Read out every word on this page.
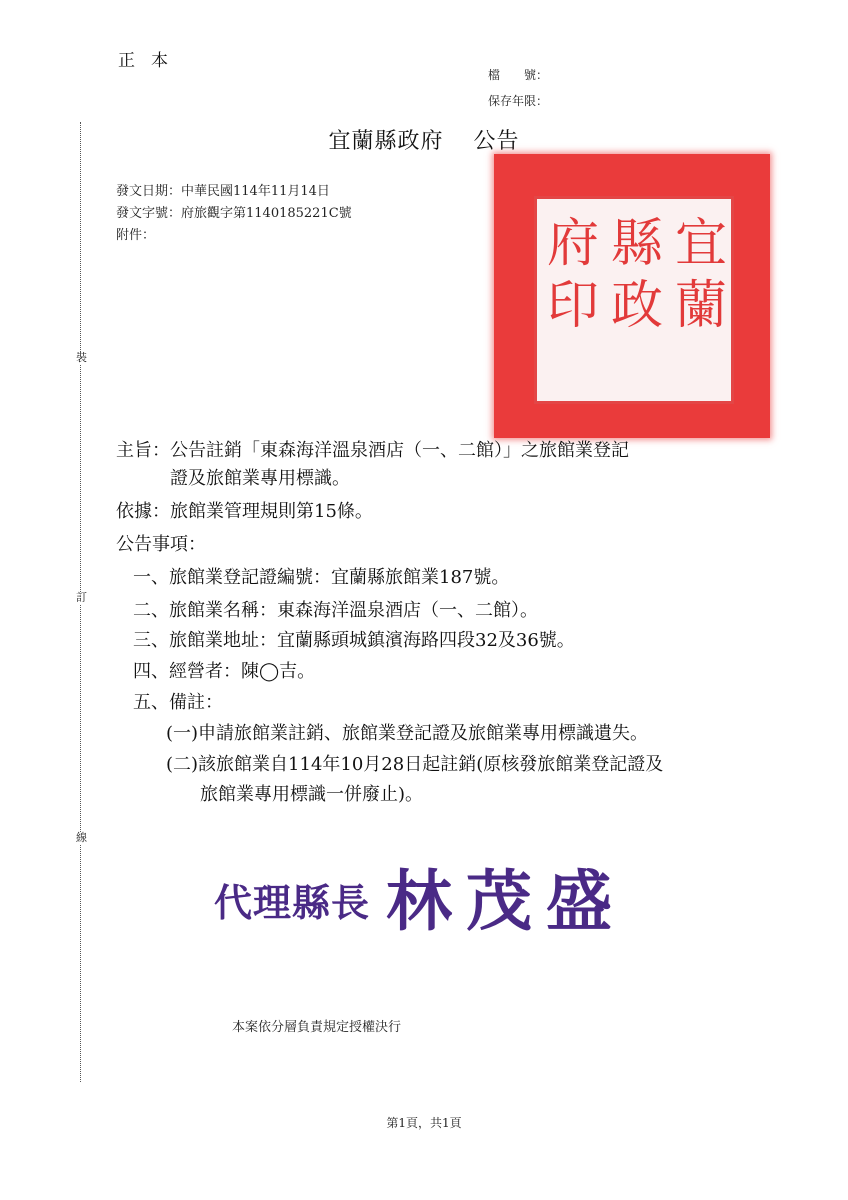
正本
檔　　號：
保存年限：
裝
訂
線
宜蘭縣政府 公告
發文日期：中華民國114年11月14日
發文字號：府旅觀字第1140185221C號
附件：	宜
蘭
縣
政
府
印
主旨：公告註銷「東森海洋溫泉酒店（一、二館）」之旅館業登記
證及旅館業專用標識。
依據：旅館業管理規則第15條。
公告事項：
一、旅館業登記證編號：宜蘭縣旅館業187號。
二、旅館業名稱：東森海洋溫泉酒店（一、二館）。
三、旅館業地址：宜蘭縣頭城鎮濱海路四段32及36號。
四、經營者：陳◯吉。
五、備註：
(一)申請旅館業註銷、旅館業登記證及旅館業專用標識遺失。
(二)該旅館業自114年10月28日起註銷(原核發旅館業登記證及
旅館業專用標識一併廢止)。
代理縣長 林茂盛
本案依分層負責規定授權決行
第1頁，共1頁
